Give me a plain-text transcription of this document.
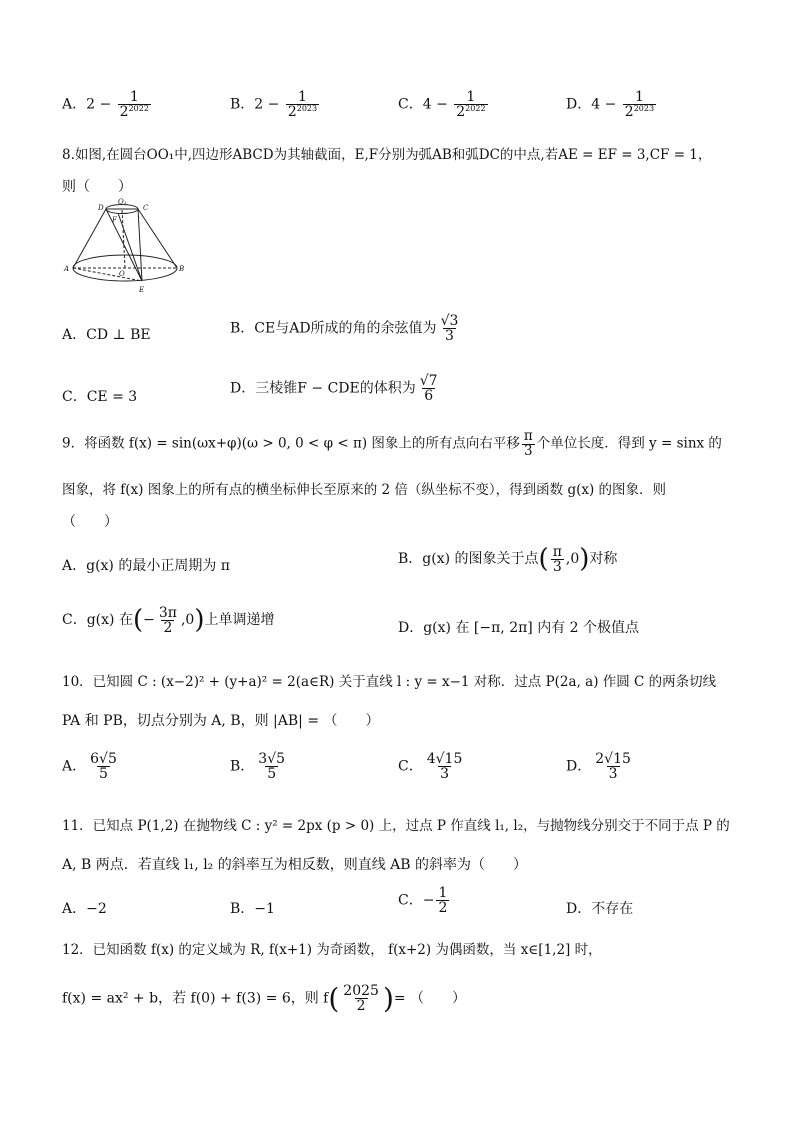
A．$2 - \frac{1}{2^{2022}}$	B．$2 - \frac{1}{2^{2023}}$	C．$4 - \frac{1}{2^{2022}}$	D．$4 - \frac{1}{2^{2023}}$
8.如图,在圆台OO₁中,四边形ABCD为其轴截面，E,F分别为弧AB和弧DC的中点,若AE = EF = 3,CF = 1，
则（　　）
D
O₁
C
F
A
O
B
E
A．CD ⊥ BE	B．CE与AD所成的角的余弦值为 $\frac{√3}{3}$
C．CE = 3
D．三棱锥F − CDE的体积为 $\frac{√7}{6}$
9．将函数 f(x) = sin(ωx+φ)(ω > 0, 0 < φ < π) 图象上的所有点向右平移 $\frac{\pi}{3}$ 个单位长度．得到 y = sinx 的
图象，将 f(x) 图象上的所有点的横坐标伸长至原来的 2 倍（纵坐标不变），得到函数 g(x) 的图象．则
（　　）
A．g(x) 的最小正周期为 π	B．g(x) 的图象关于点( $\frac{\pi}{3} ,0$)对称
C．g(x) 在(− $\frac{3\pi}{2} ,0$)上单调递增	D．g(x) 在 [−π, 2π] 内有 2 个极值点
10．已知圆 C : (x−2)² + (y+a)² = 2(a∈R) 关于直线 l : y = x−1 对称．过点 P(2a, a) 作圆 C 的两条切线
PA 和 PB，切点分别为 A, B，则 |AB| = （　　）
A． $\frac{6√5}{5}$	B． $\frac{3√5}{5}$	C． $\frac{4√15}{3}$	D． $\frac{2√15}{3}$
11．已知点 P(1,2) 在抛物线 C : y² = 2px (p > 0) 上，过点 P 作直线 l₁, l₂，与抛物线分别交于不同于点 P 的
A, B 两点．若直线 l₁, l₂ 的斜率互为相反数，则直线 AB 的斜率为（　　）
A．−2	B．−1
C．− $\frac{1}{2}$	D．不存在
12．已知函数 f(x) 的定义域为 R, f(x+1) 为奇函数， f(x+2) 为偶函数，当 x∈[1,2] 时，
f(x) = ax² + b，若 f(0) + f(3) = 6，则 $f( \frac{2025}{2}$ )= （　　）
